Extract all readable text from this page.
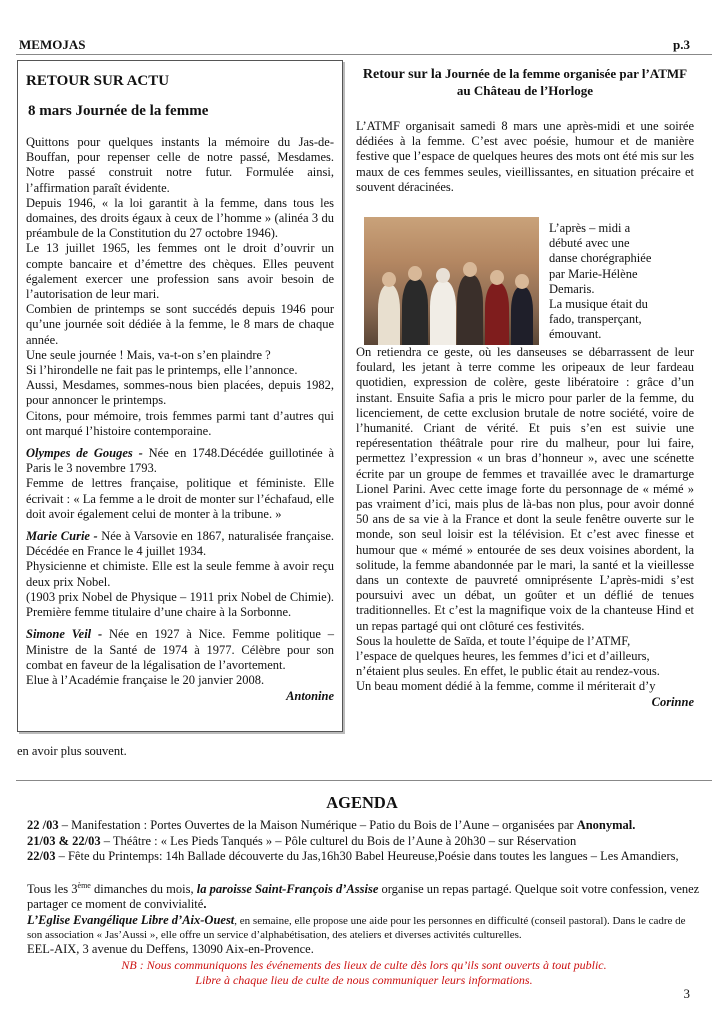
MEMOJAS	p.3
RETOUR SUR ACTU
8 mars Journée de la femme

Quittons pour quelques instants la mémoire du Jas-de-Bouffan, pour repenser celle de notre passé, Mesdames. Notre passé construit notre futur. Formulée ainsi, l’affirmation paraît évidente.

Depuis 1946, « la loi garantit à la femme, dans tous les domaines, des droits égaux à ceux de l’homme » (alinéa 3 du préambule de la Constitution du 27 octobre 1946).

Le 13 juillet 1965, les femmes ont le droit d’ouvrir un compte bancaire et d’émettre des chèques. Elles peuvent également exercer une profession sans avoir besoin de l’autorisation de leur mari.

Combien de printemps se sont succédés depuis 1946 pour qu’une journée soit dédiée à la femme, le 8 mars de chaque année.

Une seule journée ! Mais, va-t-on s’en plaindre ?

Si l’hirondelle ne fait pas le printemps, elle l’annonce.

Aussi, Mesdames, sommes-nous bien placées, depuis 1982, pour annoncer le printemps.

Citons, pour mémoire, trois femmes parmi tant d’autres qui ont marqué l’histoire contemporaine.

Olympes de Gouges - Née en 1748.Décédée guillotinée à Paris le 3 novembre 1793.

Femme de lettres française, politique et féministe. Elle écrivait : « La femme a le droit de monter sur l’échafaud, elle doit avoir également celui de monter à la tribune. »

Marie Curie - Née à Varsovie en 1867, naturalisée française. Décédée en France le 4 juillet 1934.

Physicienne et chimiste. Elle est la seule femme à avoir reçu deux prix Nobel.

(1903 prix Nobel de Physique – 1911 prix Nobel de Chimie). Première femme titulaire d’une chaire à la Sorbonne.

Simone Veil - Née en 1927 à Nice. Femme politique – Ministre de la Santé de 1974 à 1977. Célèbre pour son combat en faveur de la légalisation de l’avortement.

Elue à l’Académie française le 20 janvier 2008.

Antonine

Retour sur la Journée de la femme organisée par l’ATMF
au Château de l’Horloge

L’ATMF organisait samedi 8 mars une après-midi et une soirée dédiées à la femme. C’est avec poésie, humour et de manière festive que l’espace de quelques heures des mots ont été mis sur les maux de ces femmes seules, vieillissantes, en situation précaire et souvent déracinées.

L’après – midi a
débuté avec une
danse chorégraphiée
par Marie-Hélène
Demaris.
La musique était du
fado, transperçant,
émouvant.

On retiendra ce geste, où les danseuses se débarrassent de leur foulard, les jetant à terre comme les oripeaux de leur fardeau quotidien, expression de colère, geste libératoire : grâce d’un instant. Ensuite Safia a pris le micro pour parler de la femme, du licenciement, de cette exclusion brutale de notre société, voire de l’humanité. Criant de vérité. Et puis s’en est suivie une repéresentation théâtrale pour rire du malheur, pour lui faire, permettez l’expression « un bras d’honneur », avec une scénette écrite par un groupe de femmes et travaillée avec le dramarturge Lionel Parini. Avec cette image forte du personnage de « mémé » pas vraiment d’ici, mais plus de là-bas non plus, pour avoir donné 50 ans de sa vie à la France et dont la seule fenêtre ouverte sur le monde, son seul loisir est la télévision. Et c’est avec finesse et humour que « mémé » entourée de ses deux voisines abordent, la solitude, la femme abandonnée par le mari, la santé et la vieillesse dans un contexte de pauvreté omniprésente L’après-midi s’est poursuivi avec un débat, un goûter et un déflié de tenues traditionnelles. Et c’est la magnifique voix de la chanteuse Hind et un repas partagé qui ont clôturé ces festivités.

Sous la houlette de Saïda, et toute l’équipe de l’ATMF,

l’espace de quelques heures, les femmes d’ici et d’ailleurs,

n’étaient plus seules. En effet, le public était au rendez-vous.

Un beau moment dédié à la femme, comme il mériterait d’y

Corinne

en avoir plus souvent.
AGENDA

22 /03 – Manifestation : Portes Ouvertes de la Maison Numérique – Patio du Bois de l’Aune – organisées par Anonymal.

21/03 & 22/03 – Théâtre : « Les Pieds Tanqués » – Pôle culturel du Bois de l’Aune à 20h30 – sur Réservation

22/03 – Fête du Printemps: 14h Ballade découverte du Jas,16h30 Babel Heureuse,Poésie dans toutes les langues – Les Amandiers,

Tous les 3ème dimanches du mois, la paroisse Saint-François d’Assise organise un repas partagé. Quelque soit votre confession, venez partager ce moment de convivialité.

L’Eglise Evangélique Libre d’Aix-Ouest, en semaine, elle propose une aide pour les personnes en difficulté (conseil pastoral). Dans le cadre de son association « Jas’Aussi », elle offre un service d’alphabétisation, des ateliers et diverses activités culturelles.

EEL-AIX, 3 avenue du Deffens, 13090 Aix-en-Provence.

NB : Nous communiquons les événements des lieux de culte dès lors qu’ils sont ouverts à tout public.
Libre à chaque lieu de culte de nous communiquer leurs informations.
3
